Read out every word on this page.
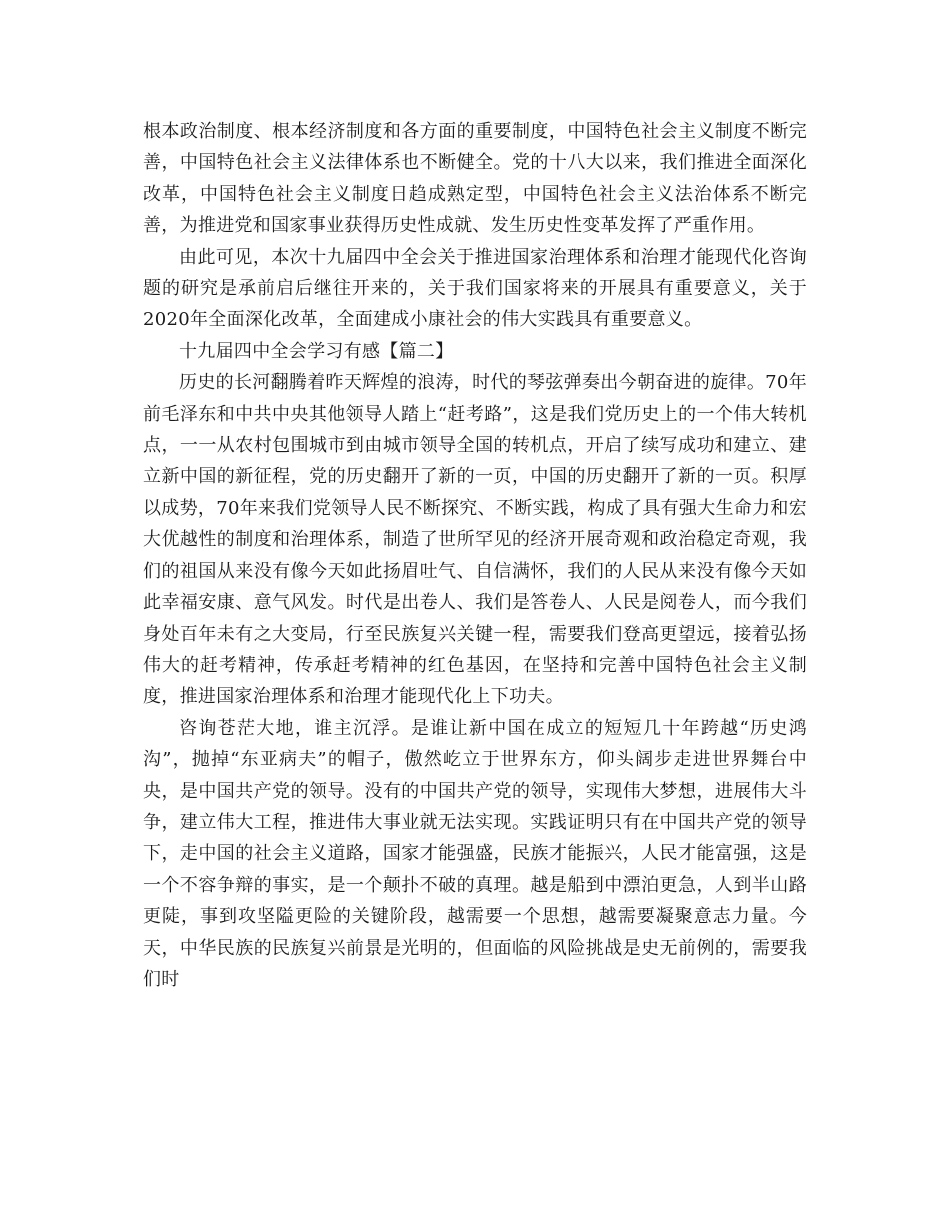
根本政治制度、根本经济制度和各方面的重要制度，中国特色社会主义制度不断完善，中国特色社会主义法律体系也不断健全。党的十八大以来，我们推进全面深化改革，中国特色社会主义制度日趋成熟定型，中国特色社会主义法治体系不断完善，为推进党和国家事业获得历史性成就、发生历史性变革发挥了严重作用。

由此可见，本次十九届四中全会关于推进国家治理体系和治理才能现代化咨询题的研究是承前启后继往开来的，关于我们国家将来的开展具有重要意义，关于2020年全面深化改革，全面建成小康社会的伟大实践具有重要意义。

十九届四中全会学习有感【篇二】

历史的长河翻腾着昨天辉煌的浪涛，时代的琴弦弹奏出今朝奋进的旋律。70年前毛泽东和中共中央其他领导人踏上“赶考路”，这是我们党历史上的一个伟大转机点，一一从农村包围城市到由城市领导全国的转机点，开启了续写成功和建立、建立新中国的新征程，党的历史翻开了新的一页，中国的历史翻开了新的一页。积厚以成势，70年来我们党领导人民不断探究、不断实践，构成了具有强大生命力和宏大优越性的制度和治理体系，制造了世所罕见的经济开展奇观和政治稳定奇观，我们的祖国从来没有像今天如此扬眉吐气、自信满怀，我们的人民从来没有像今天如此幸福安康、意气风发。时代是出卷人、我们是答卷人、人民是阅卷人，而今我们身处百年未有之大变局，行至民族复兴关键一程，需要我们登高更望远，接着弘扬伟大的赶考精神，传承赶考精神的红色基因，在坚持和完善中国特色社会主义制度，推进国家治理体系和治理才能现代化上下功夫。

咨询苍茫大地，谁主沉浮。是谁让新中国在成立的短短几十年跨越“历史鸿沟”，抛掉“东亚病夫”的帽子，傲然屹立于世界东方，仰头阔步走进世界舞台中央，是中国共产党的领导。没有的中国共产党的领导，实现伟大梦想，进展伟大斗争，建立伟大工程，推进伟大事业就无法实现。实践证明只有在中国共产党的领导下，走中国的社会主义道路，国家才能强盛，民族才能振兴，人民才能富强，这是一个不容争辩的事实，是一个颠扑不破的真理。越是船到中漂泊更急，人到半山路更陡，事到攻坚隘更险的关键阶段，越需要一个思想，越需要凝聚意志力量。今天，中华民族的民族复兴前景是光明的，但面临的风险挑战是史无前例的，需要我们时
